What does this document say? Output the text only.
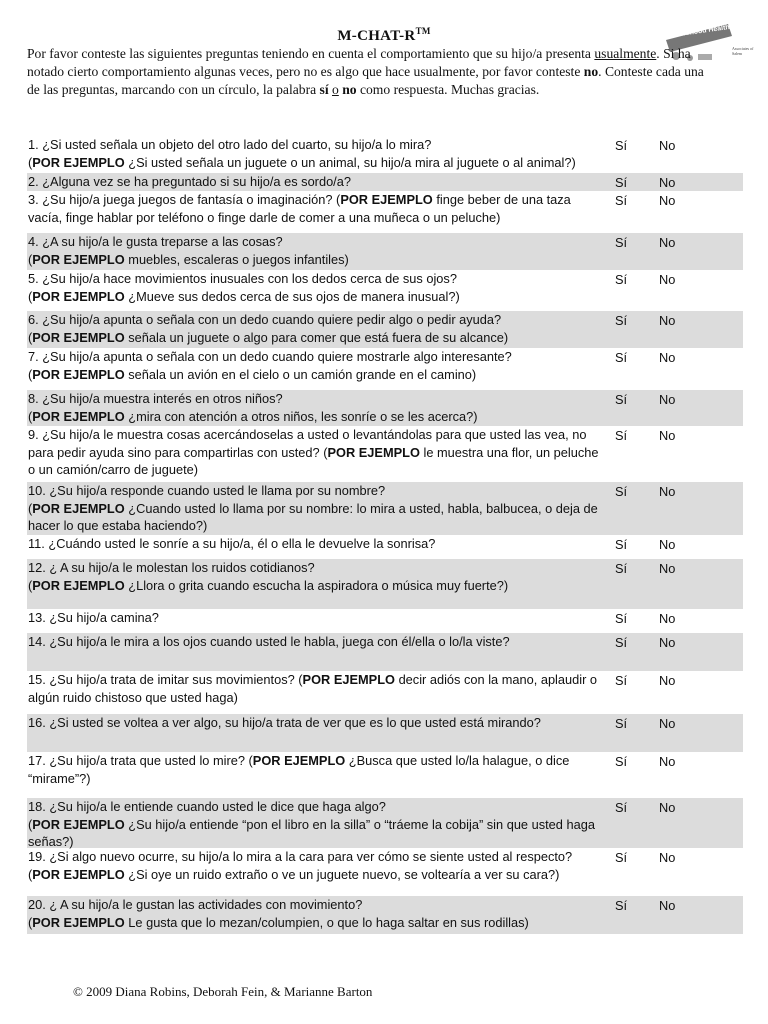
M-CHAT-R™	Childhood Health
Associates of Salem
Por favor conteste las siguientes preguntas teniendo en cuenta el comportamiento que su hijo/a presenta usualmente. Si ha notado cierto comportamiento algunas veces, pero no es algo que hace usualmente, por favor conteste no. Conteste cada una de las preguntas, marcando con un círculo, la palabra sí o no como respuesta. Muchas gracias.
1. ¿Si usted señala un objeto del otro lado del cuarto, su hijo/a lo mira?
(POR EJEMPLO ¿Si usted señala un juguete o un animal, su hijo/a mira al juguete o al animal?)
Sí No
2. ¿Alguna vez se ha preguntado si su hijo/a es sordo/a?	Sí No
3. ¿Su hijo/a juega juegos de fantasía o imaginación? (POR EJEMPLO finge beber de una taza vacía, finge hablar por teléfono o finge darle de comer a una muñeca o un peluche)
Sí No
4. ¿A su hijo/a le gusta treparse a las cosas?
(POR EJEMPLO muebles, escaleras o juegos infantiles)
Sí No
5. ¿Su hijo/a hace movimientos inusuales con los dedos cerca de sus ojos?
(POR EJEMPLO ¿Mueve sus dedos cerca de sus ojos de manera inusual?)
Sí No
6. ¿Su hijo/a apunta o señala con un dedo cuando quiere pedir algo o pedir ayuda?
(POR EJEMPLO señala un juguete o algo para comer que está fuera de su alcance)
Sí No
7. ¿Su hijo/a apunta o señala con un dedo cuando quiere mostrarle algo interesante?
(POR EJEMPLO señala un avión en el cielo o un camión grande en el camino)
Sí No
8. ¿Su hijo/a muestra interés en otros niños?
(POR EJEMPLO ¿mira con atención a otros niños, les sonríe o se les acerca?)
Sí No
9. ¿Su hijo/a le muestra cosas acercándoselas a usted o levantándolas para que usted las vea, no para pedir ayuda sino para compartirlas con usted? (POR EJEMPLO le muestra una flor, un peluche o un camión/carro de juguete)
Sí No
10. ¿Su hijo/a responde cuando usted le llama por su nombre?
(POR EJEMPLO ¿Cuando usted lo llama por su nombre: lo mira a usted, habla, balbucea, o deja de hacer lo que estaba haciendo?)
Sí No
11. ¿Cuándo usted le sonríe a su hijo/a, él o ella le devuelve la sonrisa?	Sí No
12. ¿ A su hijo/a le molestan los ruidos cotidianos?
(POR EJEMPLO ¿Llora o grita cuando escucha la aspiradora o música muy fuerte?)
Sí No
13. ¿Su hijo/a camina?	Sí No
14. ¿Su hijo/a le mira a los ojos cuando usted le habla, juega con él/ella o lo/la viste?	Sí No
15. ¿Su hijo/a trata de imitar sus movimientos? (POR EJEMPLO decir adiós con la mano, aplaudir o algún ruido chistoso que usted haga)
Sí No
16. ¿Si usted se voltea a ver algo, su hijo/a trata de ver que es lo que usted está mirando?	Sí No
17. ¿Su hijo/a trata que usted lo mire? (POR EJEMPLO ¿Busca que usted lo/la halague, o dice “mirame”?)
Sí No
18. ¿Su hijo/a le entiende cuando usted le dice que haga algo?
(POR EJEMPLO ¿Su hijo/a entiende “pon el libro en la silla” o “tráeme la cobija” sin que usted haga señas?)
Sí No
19. ¿Si algo nuevo ocurre, su hijo/a lo mira a la cara para ver cómo se siente usted al respecto?
(POR EJEMPLO ¿Si oye un ruido extraño o ve un juguete nuevo, se voltearía a ver su cara?)
Sí No
20. ¿ A su hijo/a le gustan las actividades con movimiento?
(POR EJEMPLO Le gusta que lo mezan/columpien, o que lo haga saltar en sus rodillas)
Sí No
© 2009 Diana Robins, Deborah Fein, & Marianne Barton
